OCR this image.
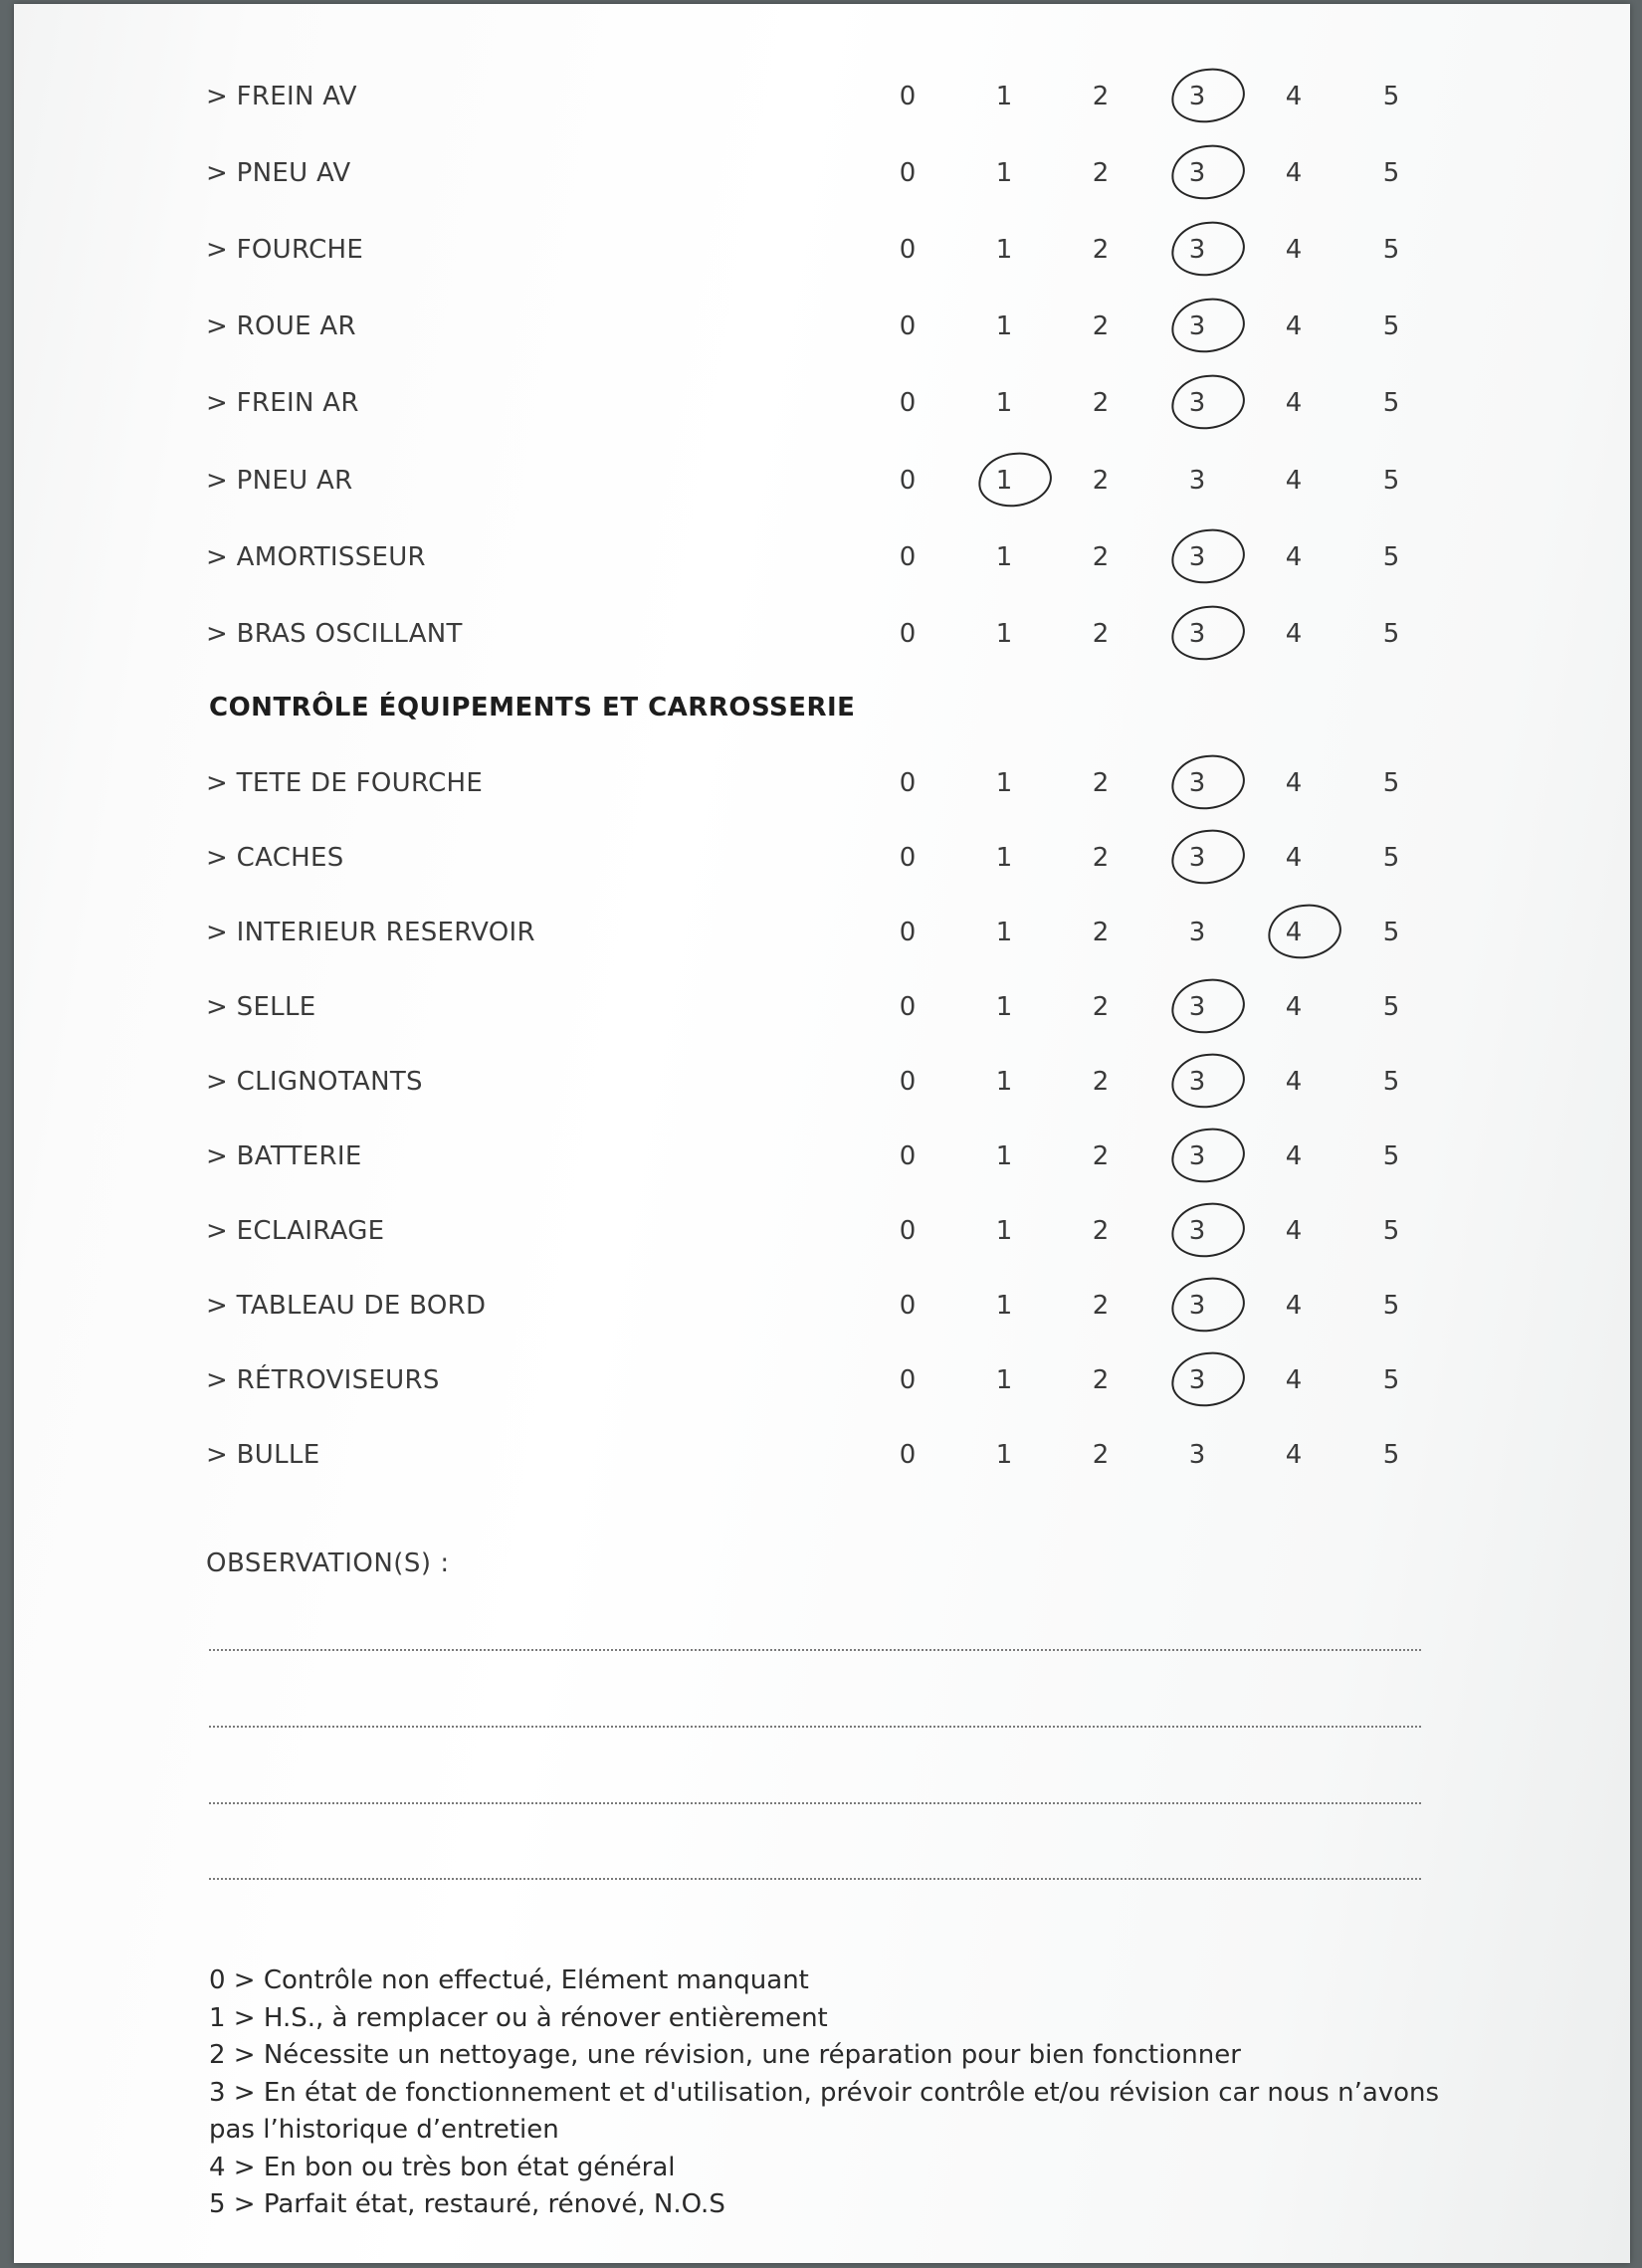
> FREIN AV	0	1	2	3	4	5
> PNEU AV	0	1	2	3	4	5
> FOURCHE	0	1	2	3	4	5
> ROUE AR	0	1	2	3	4	5
> FREIN AR	0	1	2	3	4	5
> PNEU AR	0	1	2	3	4	5
> AMORTISSEUR	0	1	2	3	4	5
> BRAS OSCILLANT	0	1	2	3	4	5
CONTRÔLE ÉQUIPEMENTS ET CARROSSERIE
> TETE DE FOURCHE	0	1	2	3	4	5
> CACHES	0	1	2	3	4	5
> INTERIEUR RESERVOIR	0	1	2	3	4	5
> SELLE	0	1	2	3	4	5
> CLIGNOTANTS	0	1	2	3	4	5
> BATTERIE	0	1	2	3	4	5
> ECLAIRAGE	0	1	2	3	4	5
> TABLEAU DE BORD	0	1	2	3	4	5
> RÉTROVISEURS	0	1	2	3	4	5
> BULLE	0	1	2	3	4	5
OBSERVATION(S) :
0 > Contrôle non effectué, Elément manquant
1 > H.S., à remplacer ou à rénover entièrement
2 > Nécessite un nettoyage, une révision, une réparation pour bien fonctionner
3 > En état de fonctionnement et d'utilisation, prévoir contrôle et/ou révision car nous n’avons pas l’historique d’entretien
4 > En bon ou très bon état général
5 > Parfait état, restauré, rénové, N.O.S
